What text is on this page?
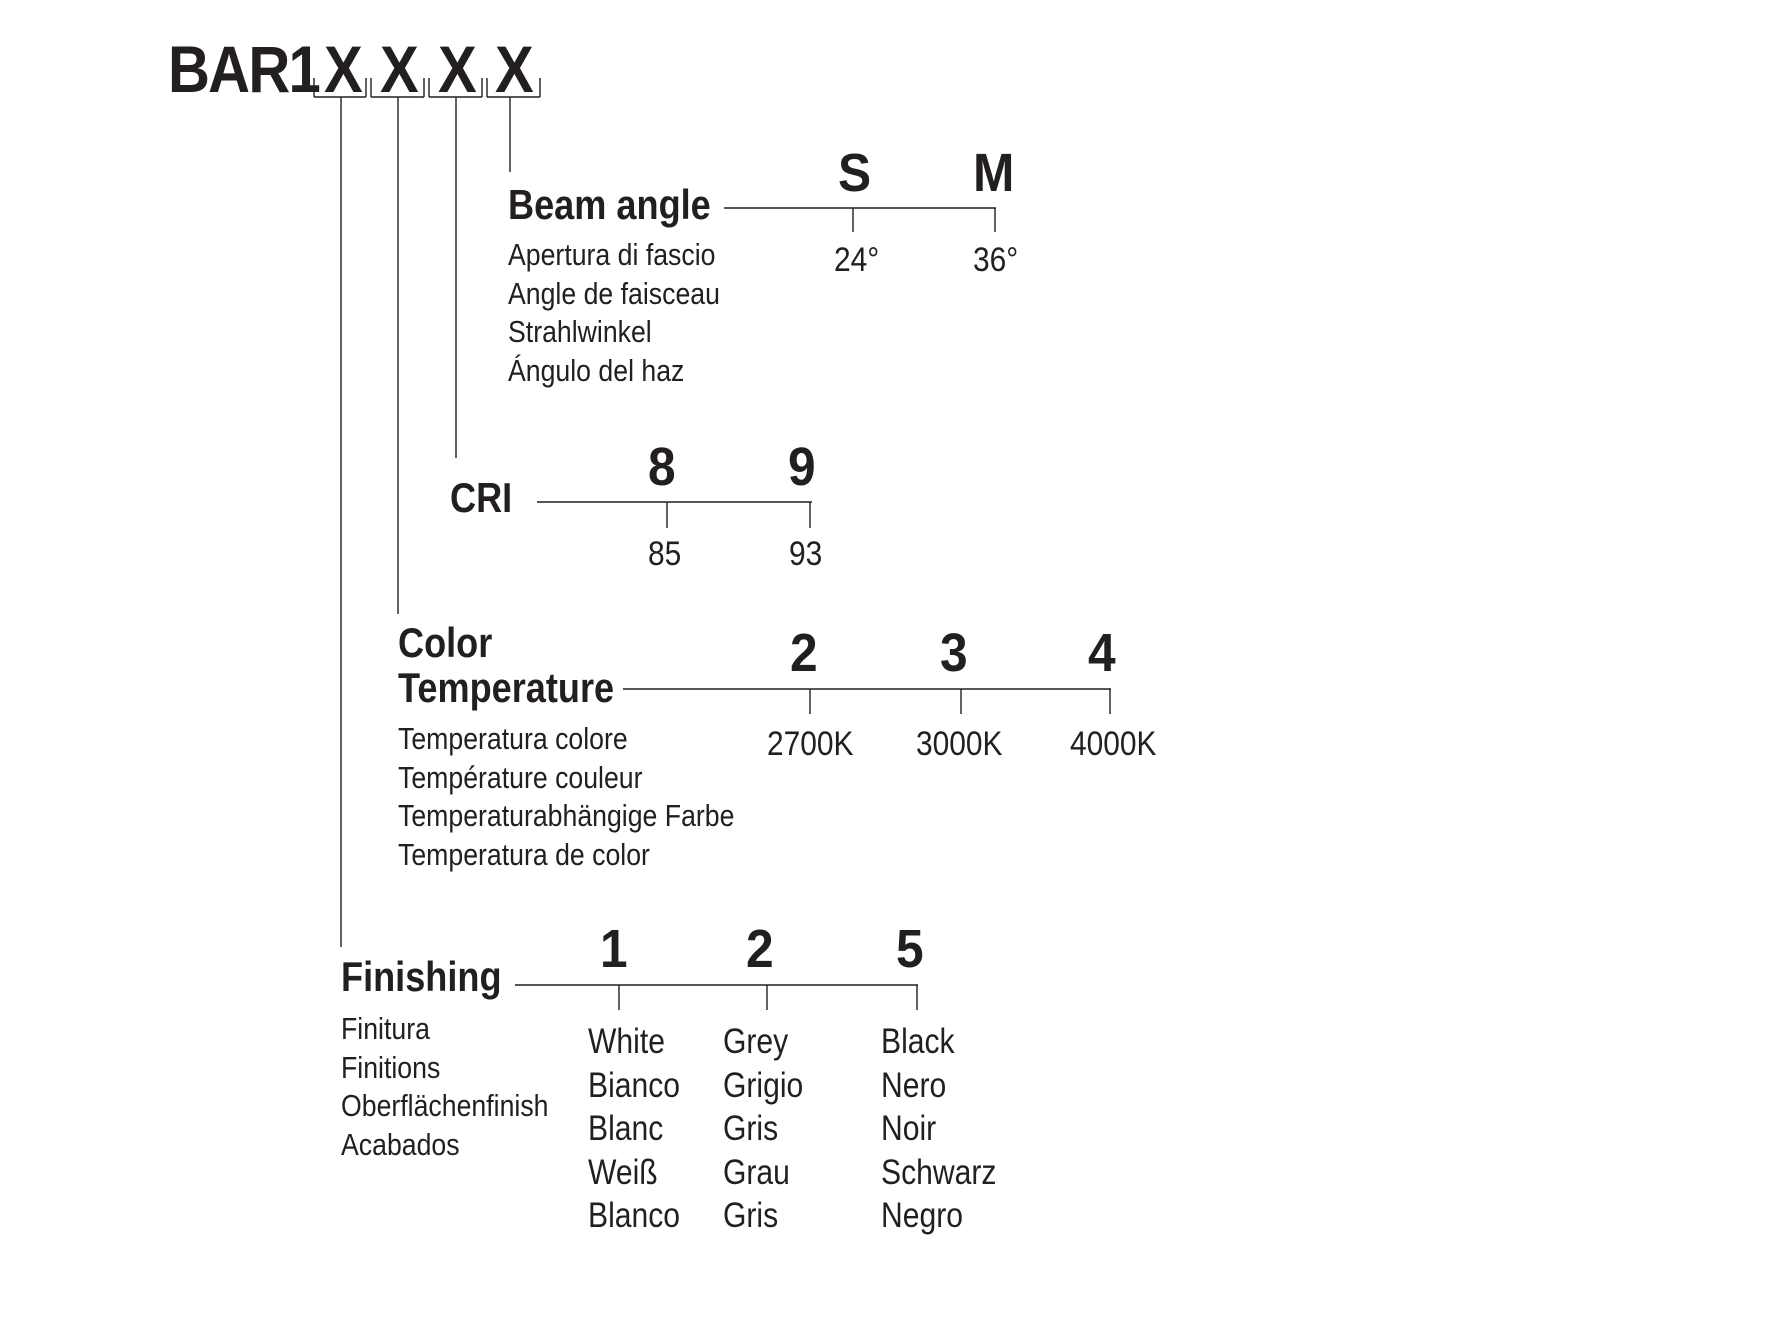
BAR1 X X X X
Beam angle
Apertura di fascio
Angle de faisceau
Strahlwinkel
Ángulo del haz
S M
24°	36°
CRI
8 9
85	93
Color
Temperature
Temperatura colore
Température couleur
Temperaturabhängige Farbe
Temperatura de color
2 3 4
2700K 3000K 4000K
Finishing
Finitura
Finitions
Oberflächenfinish
Acabados
1 2 5
White
Bianco
Blanc
Weiß
Blanco
Grey
Grigio
Gris
Grau
Gris
Black
Nero
Noir
Schwarz
Negro
